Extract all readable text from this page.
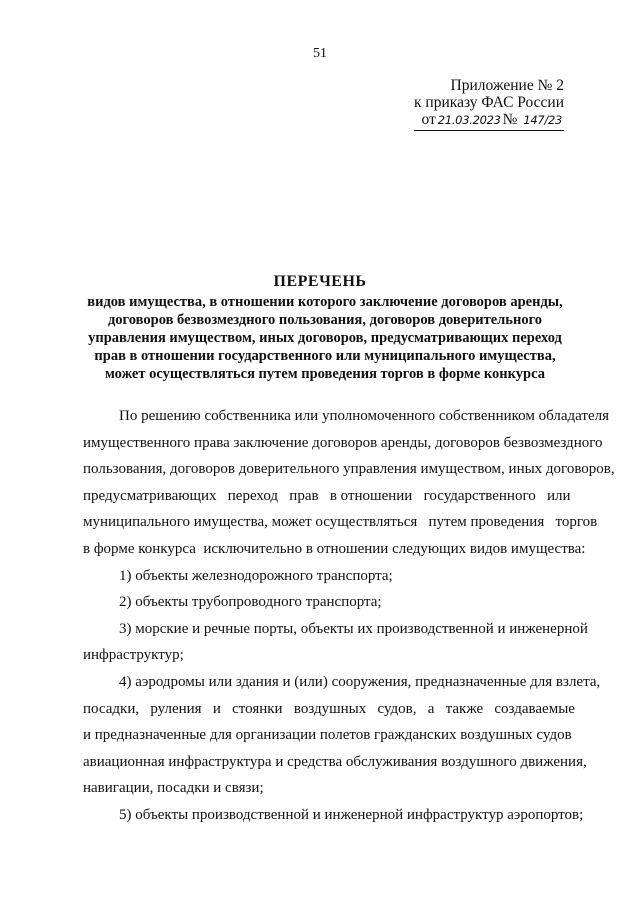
51
Приложение № 2
к приказу ФАС России
от 21.03.2023 № 147/23
ПЕРЕЧЕНЬ
видов имущества, в отношении которого заключение договоров аренды,
договоров безвозмездного пользования, договоров доверительного
управления имуществом, иных договоров, предусматривающих переход
прав в отношении государственного или муниципального имущества,
может осуществляться путем проведения торгов в форме конкурса
По решению собственника или уполномоченного собственником обладателя
имущественного права заключение договоров аренды, договоров безвозмездного
пользования, договоров доверительного управления имуществом, иных договоров,
предусматривающих   переход   прав   в отношении   государственного   или
муниципального имущества, может осуществляться   путем проведения   торгов
в форме конкурса  исключительно в отношении следующих видов имущества:
1) объекты железнодорожного транспорта;
2) объекты трубопроводного транспорта;
3) морские и речные порты, объекты их производственной и инженерной
инфраструктур;
4) аэродромы или здания и (или) сооружения, предназначенные для взлета,
посадки,   руления   и   стоянки   воздушных   судов,   а   также   создаваемые
и предназначенные для организации полетов гражданских воздушных судов
авиационная инфраструктура и средства обслуживания воздушного движения,
навигации, посадки и связи;
5) объекты производственной и инженерной инфраструктур аэропортов;
